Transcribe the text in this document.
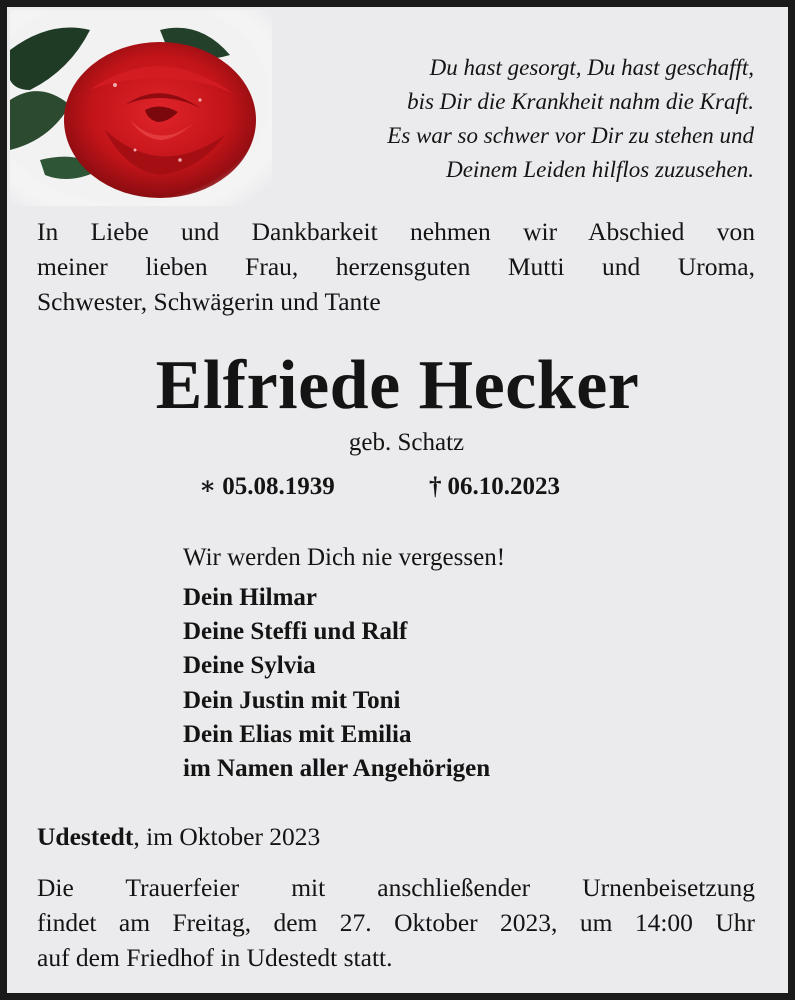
Du hast gesorgt, Du hast geschafft,
bis Dir die Krankheit nahm die Kraft.
Es war so schwer vor Dir zu stehen und
Deinem Leiden hilflos zuzusehen.
In Liebe und Dankbarkeit nehmen wir Abschied von
meiner lieben Frau, herzensguten Mutti und Uroma,
Schwester, Schwägerin und Tante
Elfriede Hecker
geb. Schatz
∗ 05.08.1939	† 06.10.2023
Wir werden Dich nie vergessen!
Dein Hilmar
Deine Steffi und Ralf
Deine Sylvia
Dein Justin mit Toni
Dein Elias mit Emilia
im Namen aller Angehörigen
Udestedt, im Oktober 2023
Die Trauerfeier mit anschließender Urnenbeisetzung
findet am Freitag, dem 27. Oktober 2023, um 14:00 Uhr
auf dem Friedhof in Udestedt statt.
